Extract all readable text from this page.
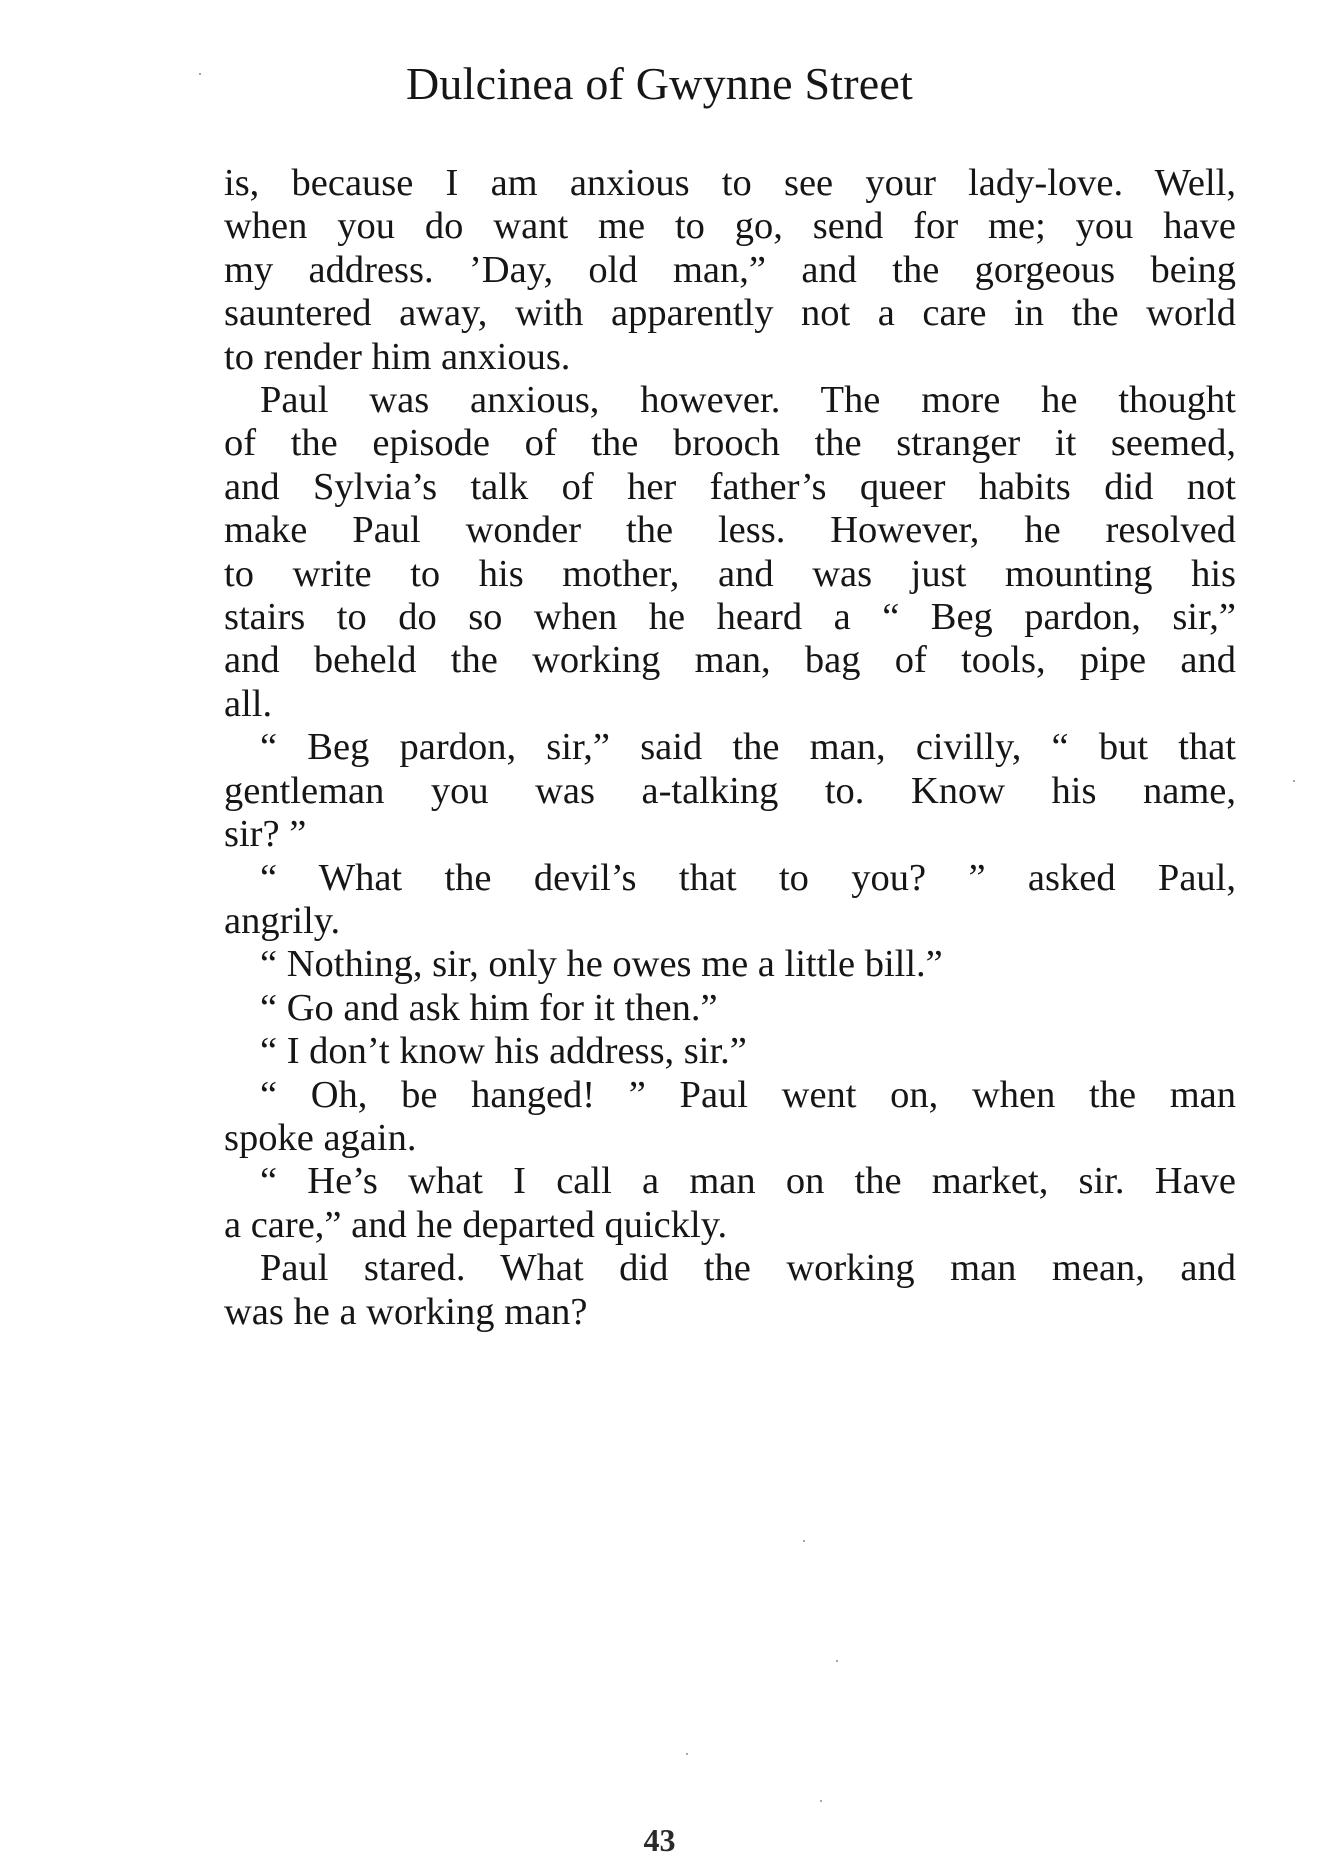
Dulcinea of Gwynne Street

is, because I am anxious to see your lady-love. Well,
when you do want me to go, send for me; you have
my address. ’Day, old man,” and the gorgeous being
sauntered away, with apparently not a care in the world
to render him anxious.

Paul was anxious, however. The more he thought
of the episode of the brooch the stranger it seemed,
and Sylvia’s talk of her father’s queer habits did not
make Paul wonder the less. However, he resolved
to write to his mother, and was just mounting his
stairs to do so when he heard a “ Beg pardon, sir,”
and beheld the working man, bag of tools, pipe and
all.

“ Beg pardon, sir,” said the man, civilly, “ but that
gentleman you was a-talking to. Know his name,
sir? ”

“ What the devil’s that to you? ” asked Paul,
angrily.

“ Nothing, sir, only he owes me a little bill.”

“ Go and ask him for it then.”

“ I don’t know his address, sir.”

“ Oh, be hanged! ” Paul went on, when the man
spoke again.

“ He’s what I call a man on the market, sir. Have
a care,” and he departed quickly.

Paul stared. What did the working man mean, and
was he a working man?

43
